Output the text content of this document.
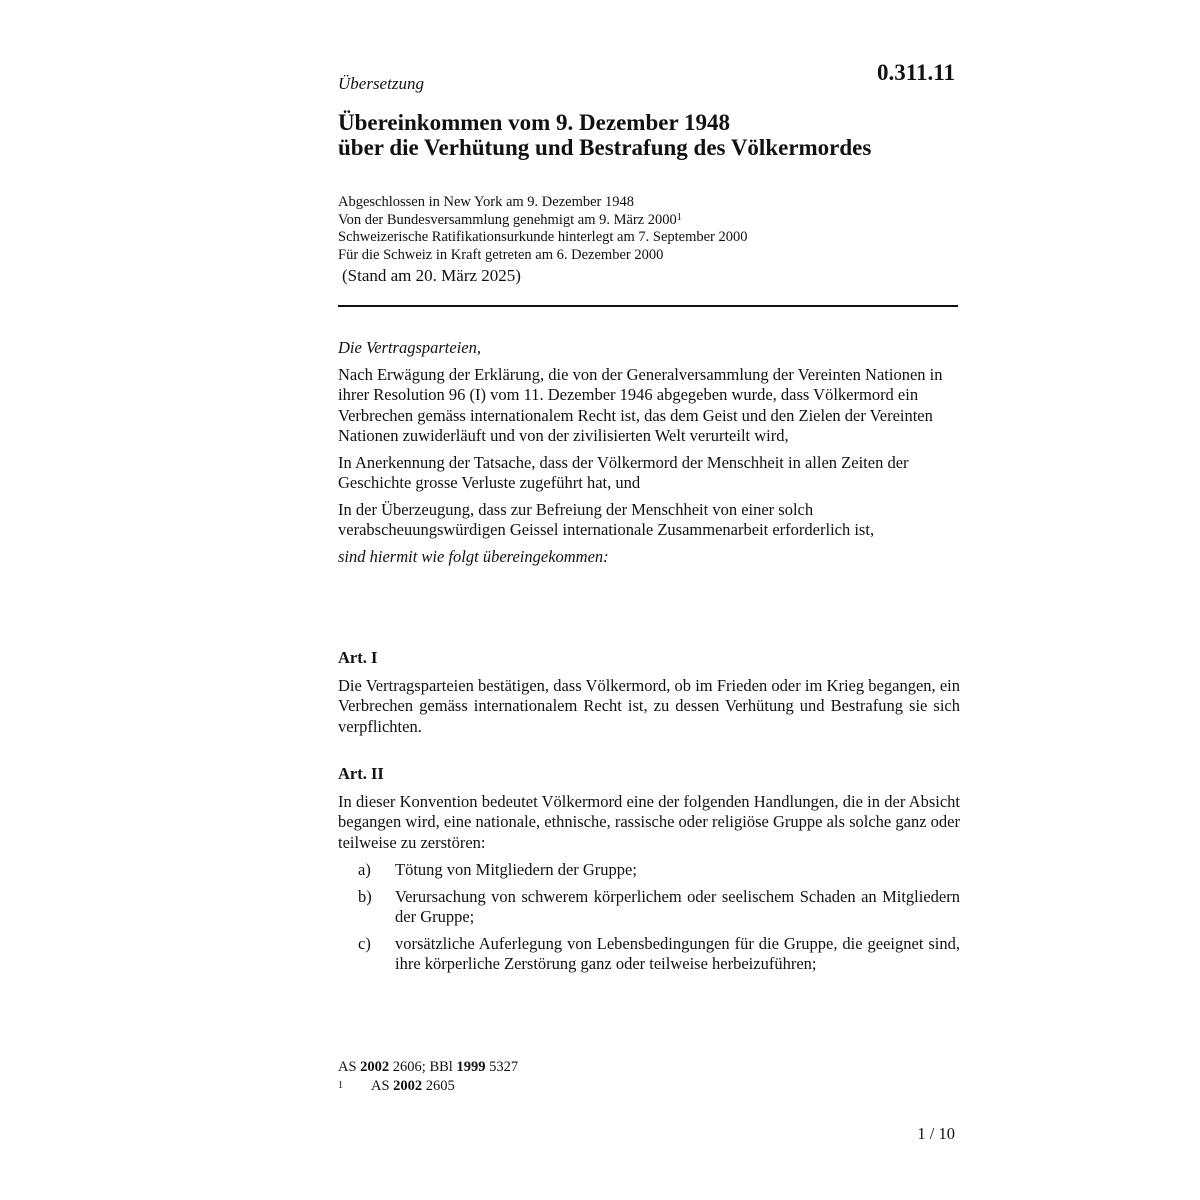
Übersetzung	0.311.11
Übereinkommen vom 9. Dezember 1948
über die Verhütung und Bestrafung des Völkermordes
Abgeschlossen in New York am 9. Dezember 1948
Von der Bundesversammlung genehmigt am 9. März 2000$^1$
Schweizerische Ratifikationsurkunde hinterlegt am 7. September 2000
Für die Schweiz in Kraft getreten am 6. Dezember 2000
(Stand am 20. März 2025)

Die Vertragsparteien,

Nach Erwägung der Erklärung, die von der Generalversammlung der Vereinten Nationen in ihrer Resolution 96 (I) vom 11. Dezember 1946 abgegeben wurde, dass Völkermord ein Verbrechen gemäss internationalem Recht ist, das dem Geist und den Zielen der Vereinten Nationen zuwiderläuft und von der zivilisierten Welt verurteilt wird,

In Anerkennung der Tatsache, dass der Völkermord der Menschheit in allen Zeiten der Geschichte grosse Verluste zugeführt hat, und

In der Überzeugung, dass zur Befreiung der Menschheit von einer solch verabscheuungswürdigen Geissel internationale Zusammenarbeit erforderlich ist,

sind hiermit wie folgt übereingekommen:

Art. I

Die Vertragsparteien bestätigen, dass Völkermord, ob im Frieden oder im Krieg begangen, ein Verbrechen gemäss internationalem Recht ist, zu dessen Verhütung und Bestrafung sie sich verpflichten.

Art. II

In dieser Konvention bedeutet Völkermord eine der folgenden Handlungen, die in der Absicht begangen wird, eine nationale, ethnische, rassische oder religiöse Gruppe als solche ganz oder teilweise zu zerstören:

a)	Tötung von Mitgliedern der Gruppe;
b)	Verursachung von schwerem körperlichem oder seelischem Schaden an Mitgliedern der Gruppe;
c)	vorsätzliche Auferlegung von Lebensbedingungen für die Gruppe, die geeignet sind, ihre körperliche Zerstörung ganz oder teilweise herbeizuführen;
AS 2002 2606; BBl 1999 5327
1	AS 2002 2605
1 / 10
